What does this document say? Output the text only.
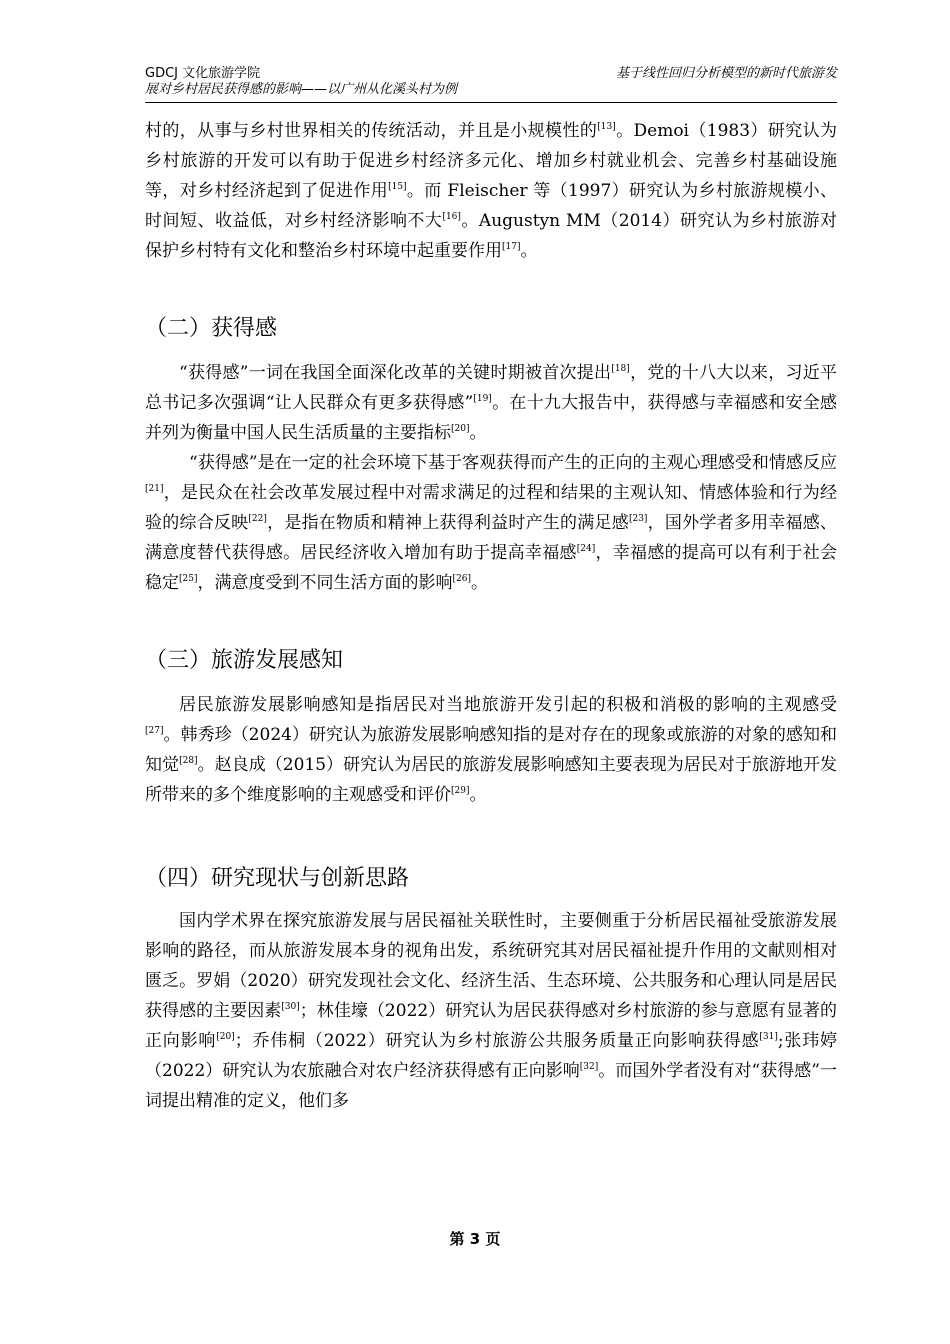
GDCJ 文化旅游学院	基于线性回归分析模型的新时代旅游发
展对乡村居民获得感的影响——以广州从化溪头村为例

村的，从事与乡村世界相关的传统活动，并且是小规模性的[13]。Demoi（1983）研究认为乡村旅游的开发可以有助于促进乡村经济多元化、增加乡村就业机会、完善乡村基础设施等，对乡村经济起到了促进作用[15]。而 Fleischer 等（1997）研究认为乡村旅游规模小、时间短、收益低，对乡村经济影响不大[16]。Augustyn MM（2014）研究认为乡村旅游对保护乡村特有文化和整治乡村环境中起重要作用[17]。

（二）获得感

“获得感”一词在我国全面深化改革的关键时期被首次提出[18]，党的十八大以来，习近平总书记多次强调“让人民群众有更多获得感”[19]。在十九大报告中，获得感与幸福感和安全感并列为衡量中国人民生活质量的主要指标[20]。

“获得感”是在一定的社会环境下基于客观获得而产生的正向的主观心理感受和情感反应[21]，是民众在社会改革发展过程中对需求满足的过程和结果的主观认知、情感体验和行为经验的综合反映[22]，是指在物质和精神上获得利益时产生的满足感[23]，国外学者多用幸福感、满意度替代获得感。居民经济收入增加有助于提高幸福感[24]，幸福感的提高可以有利于社会稳定[25]，满意度受到不同生活方面的影响[26]。

（三）旅游发展感知

居民旅游发展影响感知是指居民对当地旅游开发引起的积极和消极的影响的主观感受[27]。韩秀珍（2024）研究认为旅游发展影响感知指的是对存在的现象或旅游的对象的感知和知觉[28]。赵良成（2015）研究认为居民的旅游发展影响感知主要表现为居民对于旅游地开发所带来的多个维度影响的主观感受和评价[29]。

（四）研究现状与创新思路

国内学术界在探究旅游发展与居民福祉关联性时，主要侧重于分析居民福祉受旅游发展影响的路径，而从旅游发展本身的视角出发，系统研究其对居民福祉提升作用的文献则相对匮乏。罗娟（2020）研究发现社会文化、经济生活、生态环境、公共服务和心理认同是居民获得感的主要因素[30]；林佳壕（2022）研究认为居民获得感对乡村旅游的参与意愿有显著的正向影响[20]；乔伟桐（2022）研究认为乡村旅游公共服务质量正向影响获得感[31];张玮婷（2022）研究认为农旅融合对农户经济获得感有正向影响[32]。而国外学者没有对“获得感”一词提出精准的定义，他们多

第 3 页
